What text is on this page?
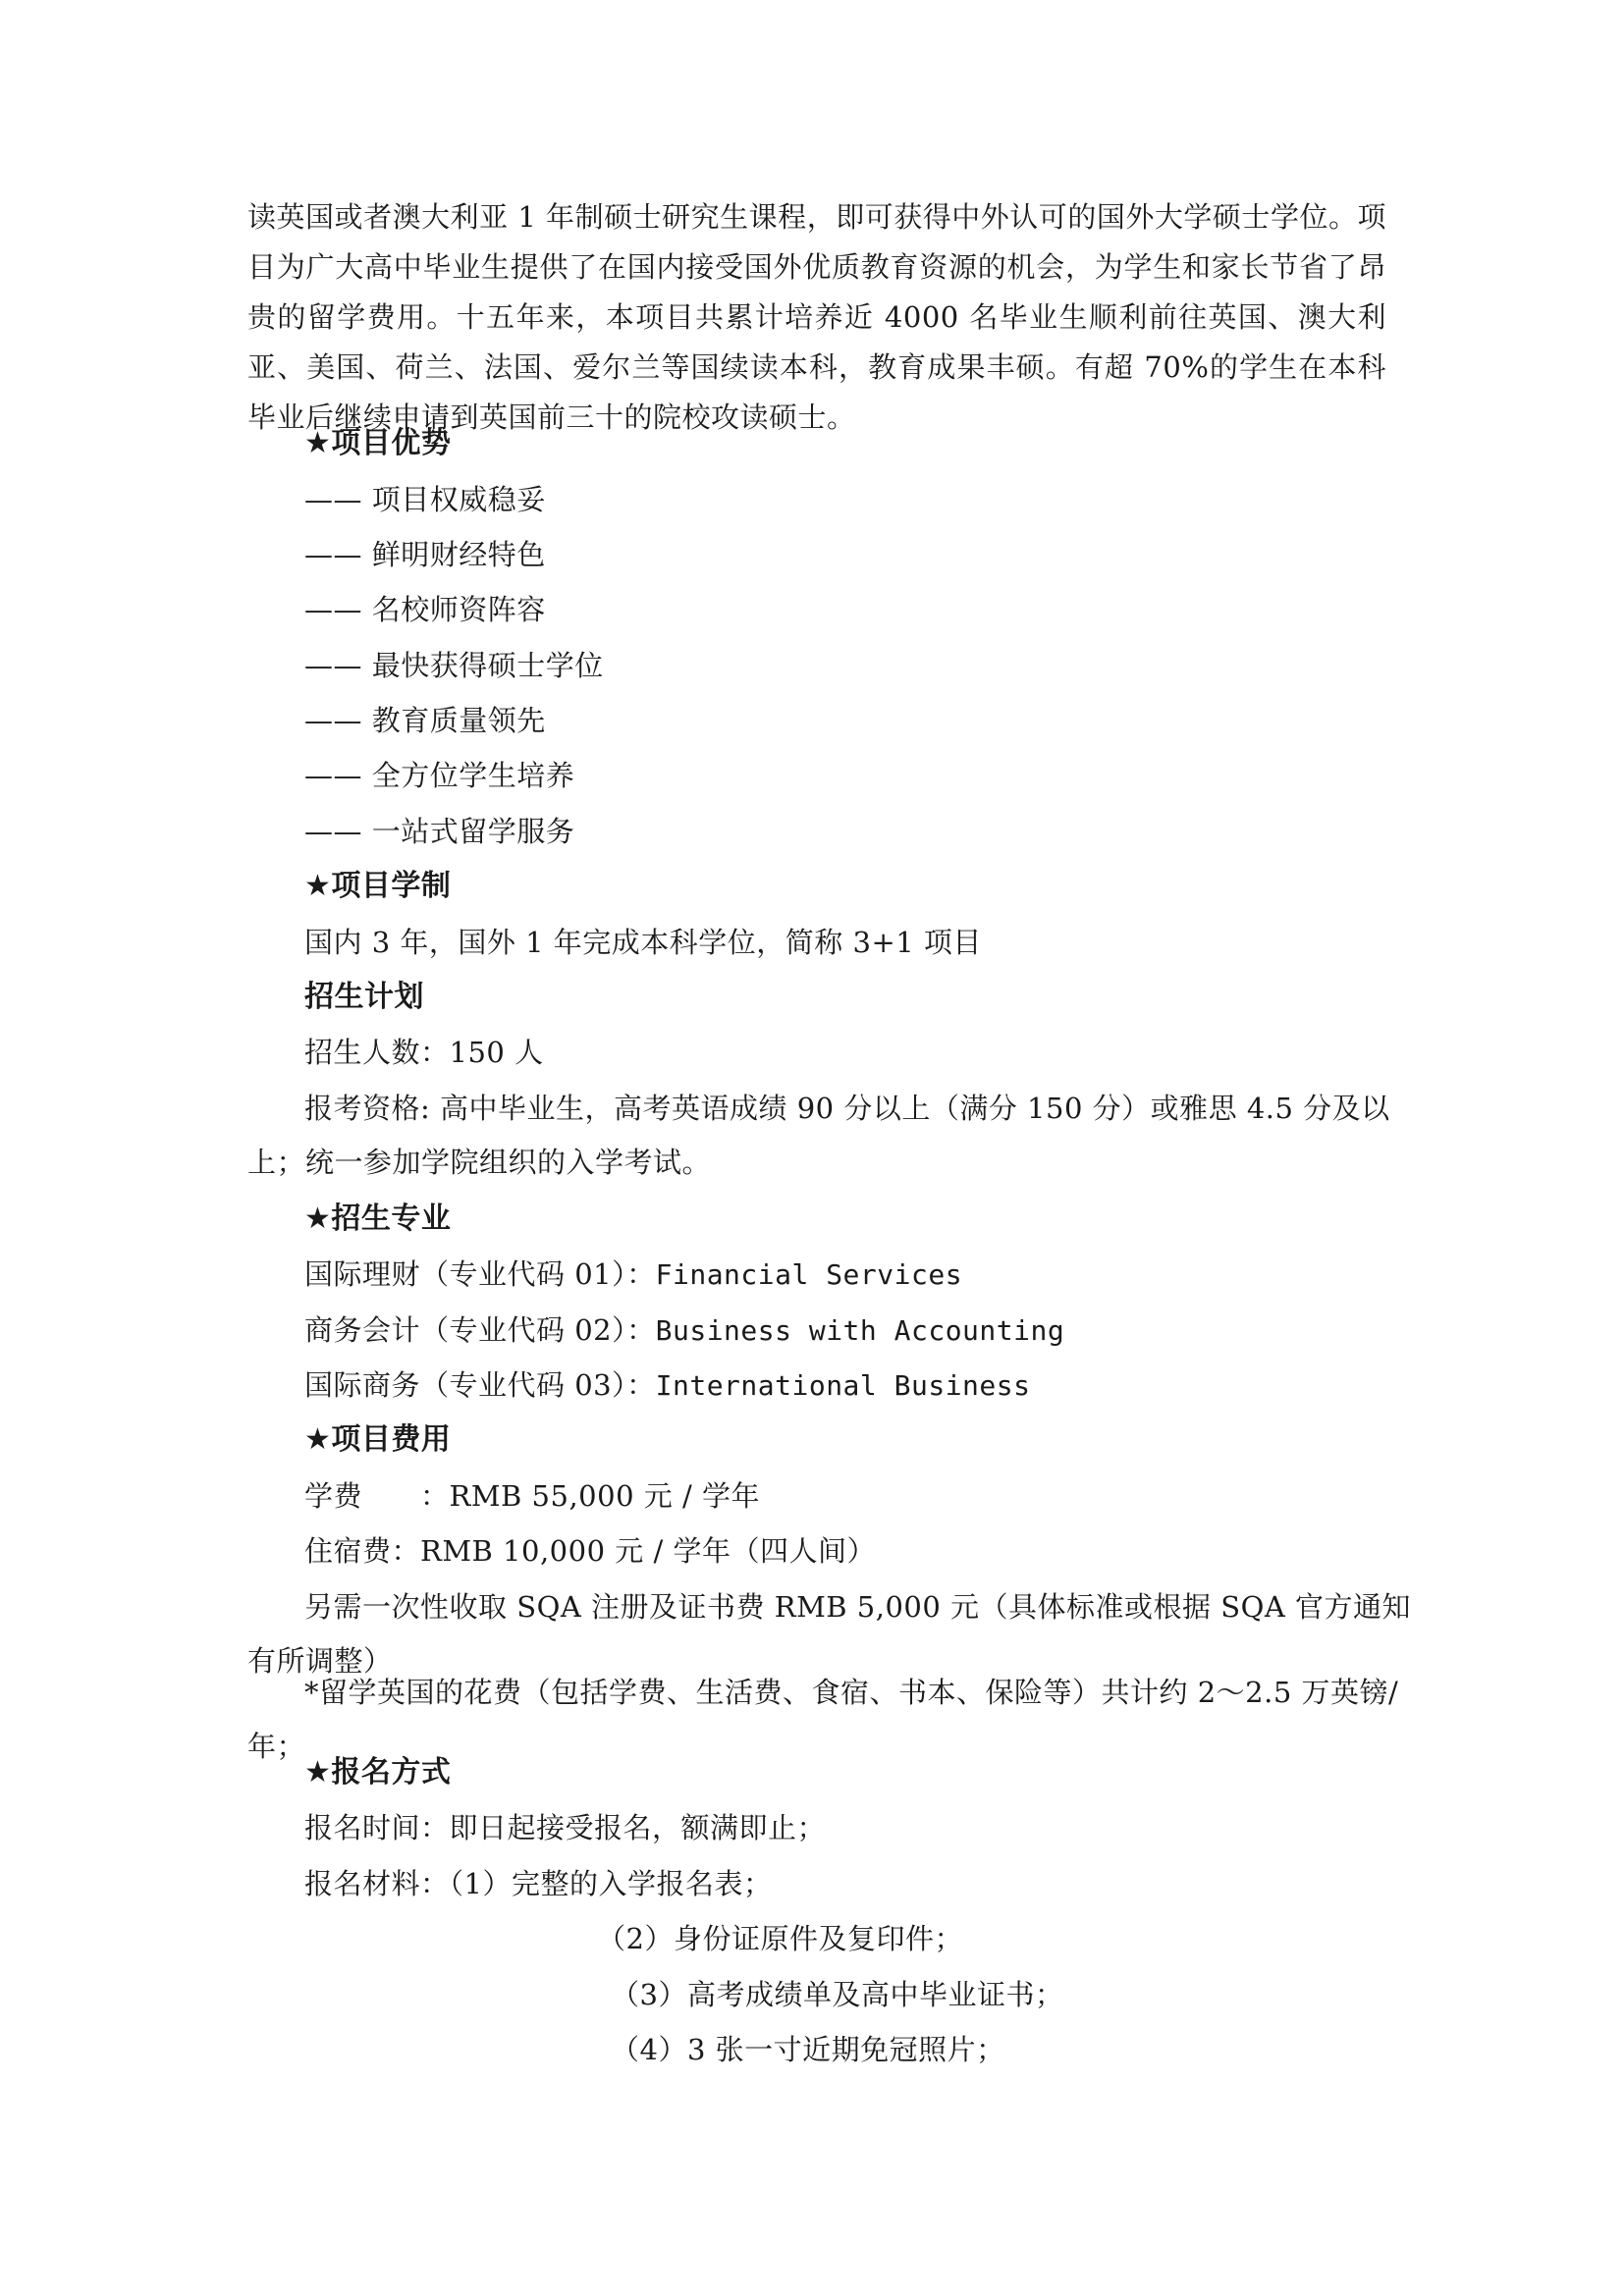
读英国或者澳大利亚 1 年制硕士研究生课程，即可获得中外认可的国外大学硕士学位。项目为广大高中毕业生提供了在国内接受国外优质教育资源的机会，为学生和家长节省了昂贵的留学费用。十五年来，本项目共累计培养近 4000 名毕业生顺利前往英国、澳大利亚、美国、荷兰、法国、爱尔兰等国续读本科，教育成果丰硕。有超 70%的学生在本科毕业后继续申请到英国前三十的院校攻读硕士。

★项目优势

—— 项目权威稳妥

—— 鲜明财经特色

—— 名校师资阵容

—— 最快获得硕士学位

—— 教育质量领先

—— 全方位学生培养

—— 一站式留学服务

★项目学制

国内 3 年，国外 1 年完成本科学位，简称 3+1 项目

招生计划

招生人数：150 人

报考资格: 高中毕业生，高考英语成绩 90 分以上（满分 150 分）或雅思 4.5 分及以上；统一参加学院组织的入学考试。

★招生专业

国际理财（专业代码 01）：Financial Services

商务会计（专业代码 02）：Business with Accounting

国际商务（专业代码 03）：International Business

★项目费用

学费　　：RMB 55,000 元 / 学年

住宿费：RMB 10,000 元 / 学年（四人间）

另需一次性收取 SQA 注册及证书费 RMB 5,000 元（具体标准或根据 SQA 官方通知有所调整）

*留学英国的花费（包括学费、生活费、食宿、书本、保险等）共计约 2～2.5 万英镑/年；

★报名方式

报名时间：即日起接受报名，额满即止；

报名材料：（1）完整的入学报名表；

（2）身份证原件及复印件；

（3）高考成绩单及高中毕业证书；

（4）3 张一寸近期免冠照片；
